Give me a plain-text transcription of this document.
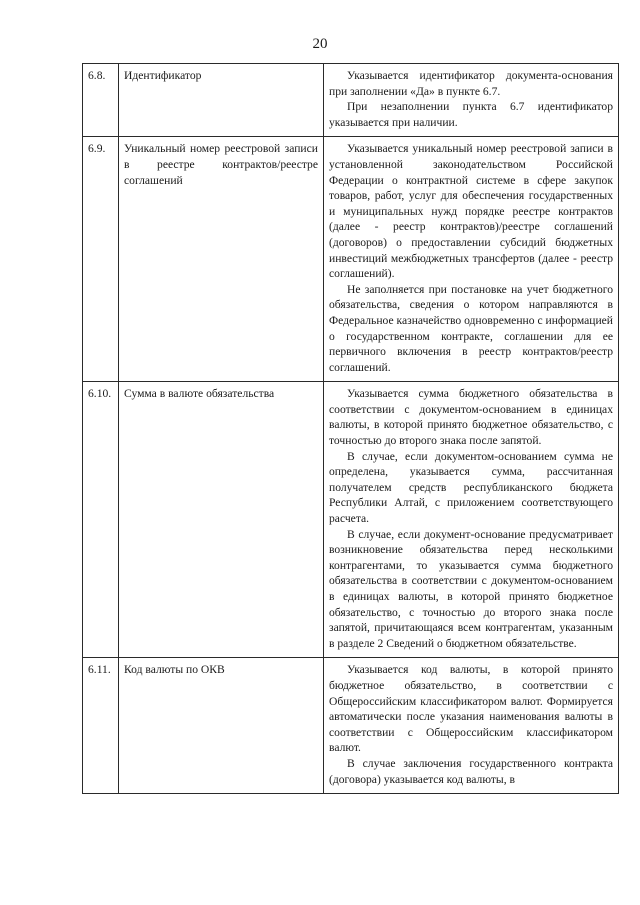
20
6.8.	Идентификатор	Указывается идентификатор документа-основания при заполнении «Да» в пункте 6.7.

При незаполнении пункта 6.7 идентификатор указывается при наличии.

6.9.	Уникальный номер реестровой записи в реестре контрактов/реестре соглашений	Указывается уникальный номер реестровой записи в установленной законодательством Российской Федерации о контрактной системе в сфере закупок товаров, работ, услуг для обеспечения государственных и муниципальных нужд порядке реестре контрактов (далее - реестр контрактов)/реестре соглашений (договоров) о предоставлении субсидий бюджетных инвестиций межбюджетных трансфертов (далее - реестр соглашений).

Не заполняется при постановке на учет бюджетного обязательства, сведения о котором направляются в Федеральное казначейство одновременно с информацией о государственном контракте, соглашении для ее первичного включения в реестр контрактов/реестр соглашений.

6.10.	Сумма в валюте обязательства	Указывается сумма бюджетного обязательства в соответствии с документом-основанием в единицах валюты, в которой принято бюджетное обязательство, с точностью до второго знака после запятой.

В случае, если документом-основанием сумма не определена, указывается сумма, рассчитанная получателем средств республиканского бюджета Республики Алтай, с приложением соответствующего расчета.

В случае, если документ-основание предусматривает возникновение обязательства перед несколькими контрагентами, то указывается сумма бюджетного обязательства в соответствии с документом-основанием в единицах валюты, в которой принято бюджетное обязательство, с точностью до второго знака после запятой, причитающаяся всем контрагентам, указанным в разделе 2 Сведений о бюджетном обязательстве.

6.11.	Код валюты по ОКВ	Указывается код валюты, в которой принято бюджетное обязательство, в соответствии с Общероссийским классификатором валют. Формируется автоматически после указания наименования валюты в соответствии с Общероссийским классификатором валют.

В случае заключения государственного контракта (договора) указывается код валюты, в
